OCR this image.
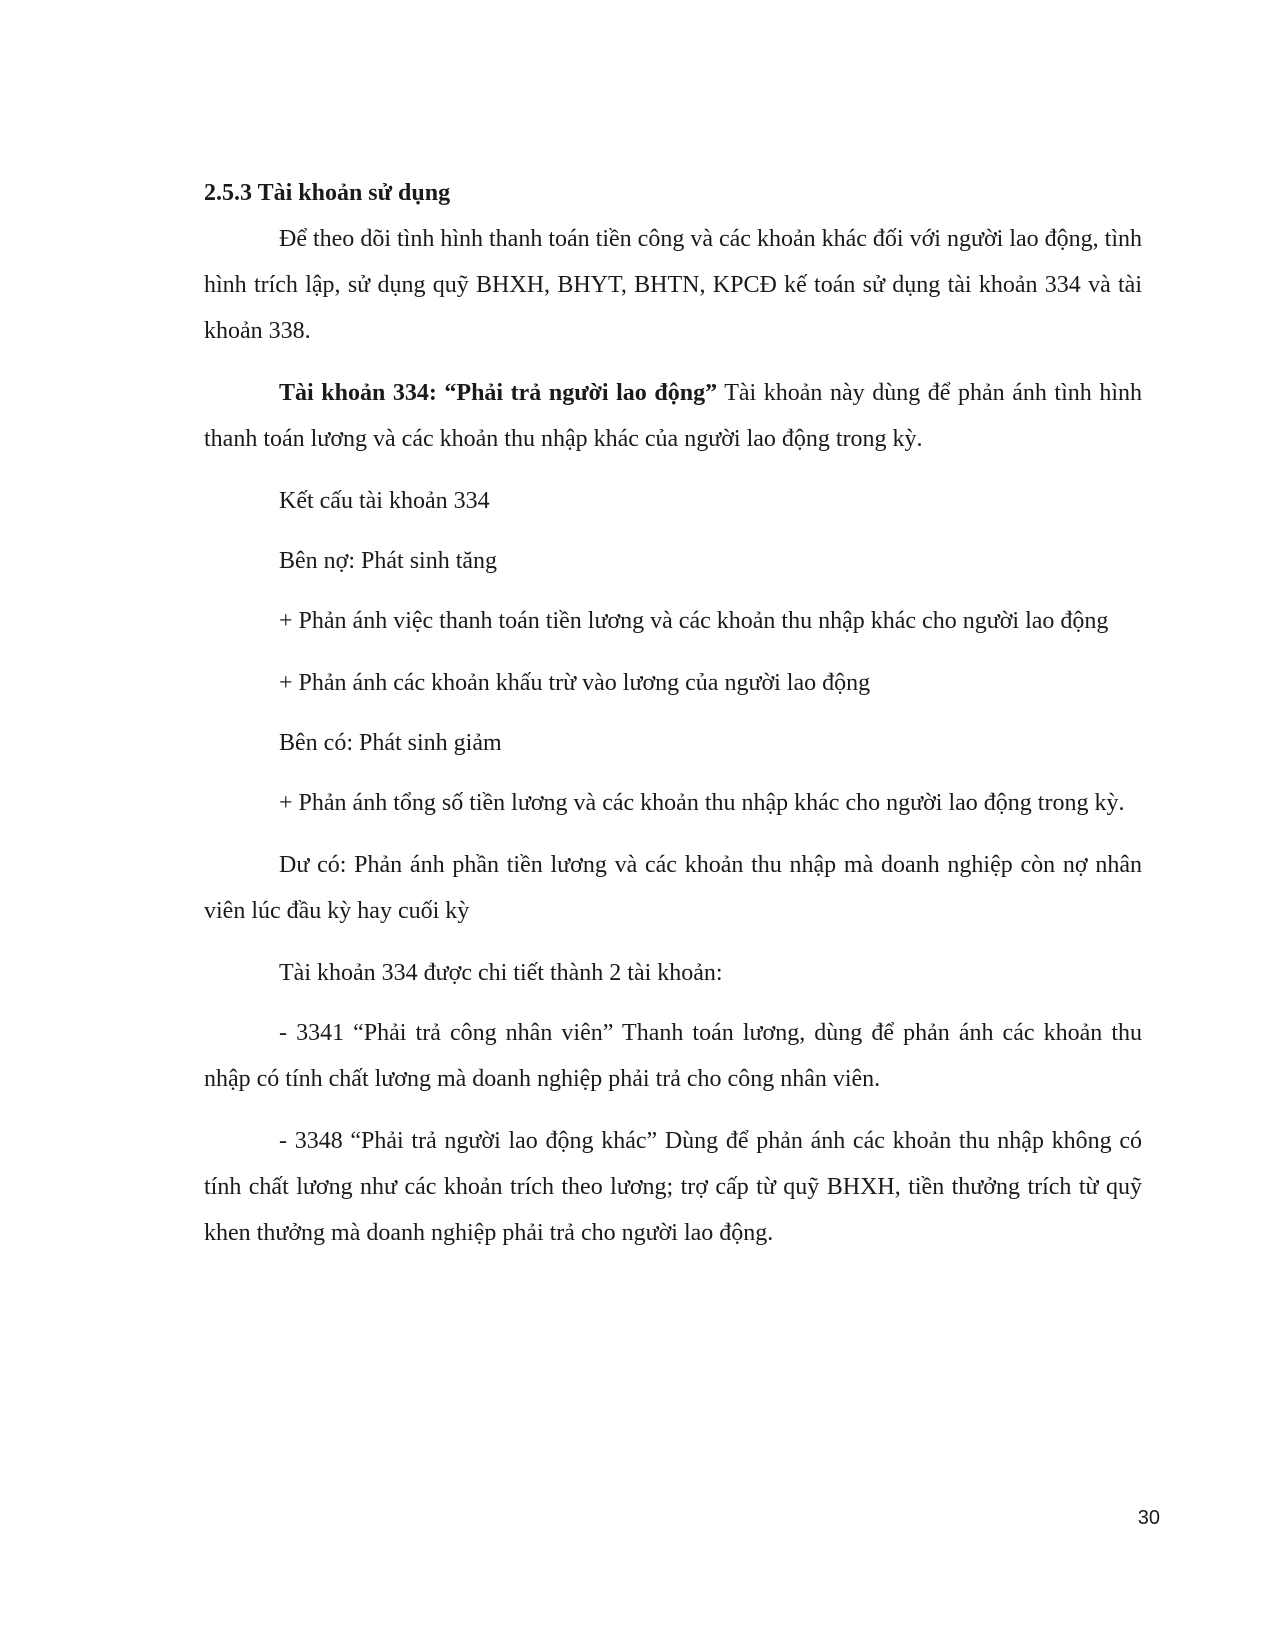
2.5.3 Tài khoản sử dụng

Để theo dõi tình hình thanh toán tiền công và các khoản khác đối với người lao động, tình hình trích lập, sử dụng quỹ BHXH, BHYT, BHTN, KPCĐ kế toán sử dụng tài khoản 334 và tài khoản 338.

Tài khoản 334: “Phải trả người lao động” Tài khoản này dùng để phản ánh tình hình thanh toán lương và các khoản thu nhập khác của người lao động trong kỳ.

Kết cấu tài khoản 334

Bên nợ: Phát sinh tăng

+ Phản ánh việc thanh toán tiền lương và các khoản thu nhập khác cho người lao động

+ Phản ánh các khoản khấu trừ vào lương của người lao động

Bên có: Phát sinh giảm

+ Phản ánh tổng số tiền lương và các khoản thu nhập khác cho người lao động trong kỳ.

Dư có: Phản ánh phần tiền lương và các khoản thu nhập mà doanh nghiệp còn nợ nhân viên lúc đầu kỳ hay cuối kỳ

Tài khoản 334 được chi tiết thành 2 tài khoản:

- 3341 “Phải trả công nhân viên” Thanh toán lương, dùng để phản ánh các khoản thu nhập có tính chất lương mà doanh nghiệp phải trả cho công nhân viên.

- 3348 “Phải trả người lao động khác” Dùng để phản ánh các khoản thu nhập không có tính chất lương như các khoản trích theo lương; trợ cấp từ quỹ BHXH, tiền thưởng trích từ quỹ khen thưởng mà doanh nghiệp phải trả cho người lao động.

30
